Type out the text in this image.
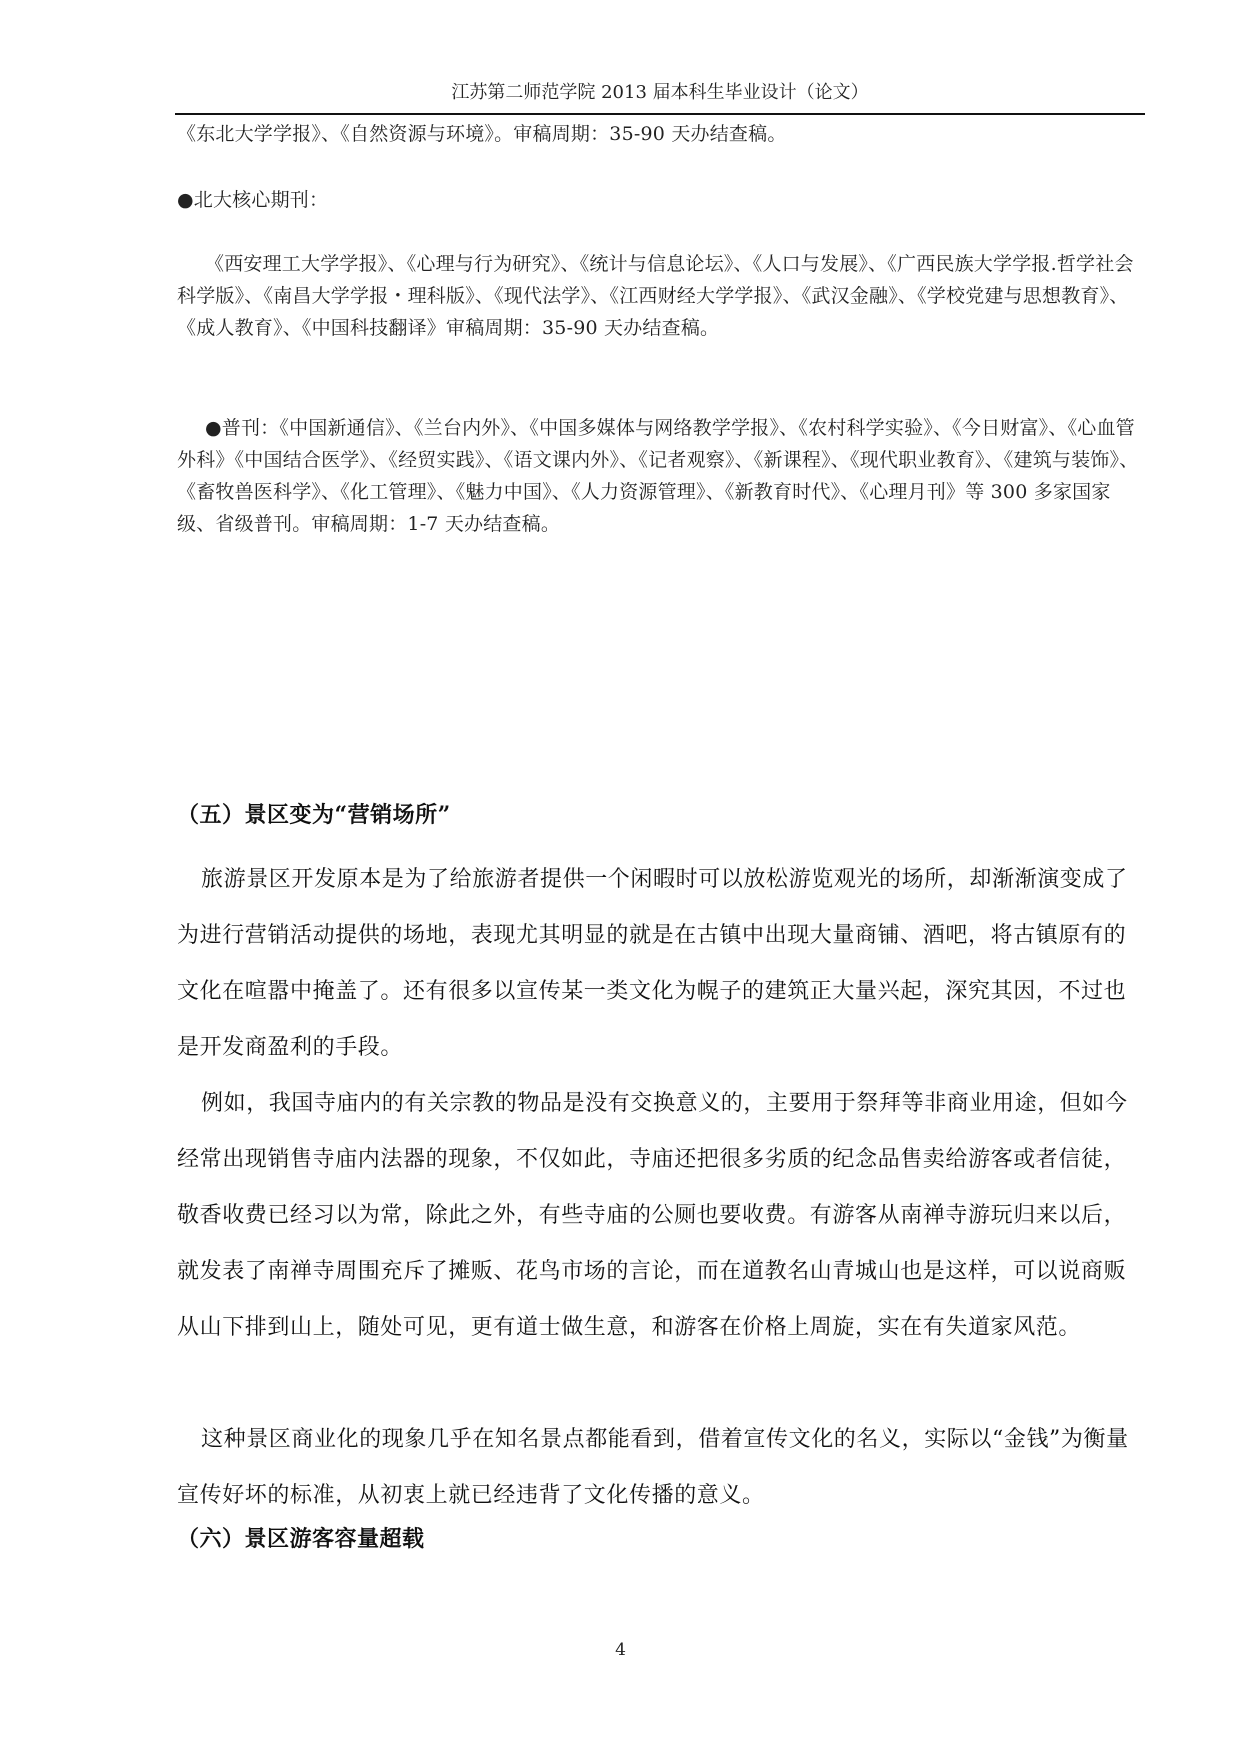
江苏第二师范学院 2013 届本科生毕业设计（论文）

《东北大学学报》、《自然资源与环境》。审稿周期：35-90 天办结查稿。

●北大核心期刊：

《西安理工大学学报》、《心理与行为研究》、《统计与信息论坛》、《人口与发展》、《广西民族大学学报.哲学社会科学版》、《南昌大学学报・理科版》、《现代法学》、《江西财经大学学报》、《武汉金融》、《学校党建与思想教育》、《成人教育》、《中国科技翻译》审稿周期：35-90 天办结查稿。

●普刊：《中国新通信》、《兰台内外》、《中国多媒体与网络教学学报》、《农村科学实验》、《今日财富》、《心血管外科》《中国结合医学》、《经贸实践》、《语文课内外》、《记者观察》、《新课程》、《现代职业教育》、《建筑与装饰》、《畜牧兽医科学》、《化工管理》、《魅力中国》、《人力资源管理》、《新教育时代》、《心理月刊》等 300 多家国家级、省级普刊。审稿周期：1-7 天办结查稿。

（五）景区变为“营销场所”

旅游景区开发原本是为了给旅游者提供一个闲暇时可以放松游览观光的场所，却渐渐演变成了为进行营销活动提供的场地，表现尤其明显的就是在古镇中出现大量商铺、酒吧，将古镇原有的文化在喧嚣中掩盖了。还有很多以宣传某一类文化为幌子的建筑正大量兴起，深究其因，不过也是开发商盈利的手段。

例如，我国寺庙内的有关宗教的物品是没有交换意义的，主要用于祭拜等非商业用途，但如今经常出现销售寺庙内法器的现象，不仅如此，寺庙还把很多劣质的纪念品售卖给游客或者信徒，敬香收费已经习以为常，除此之外，有些寺庙的公厕也要收费。有游客从南禅寺游玩归来以后，就发表了南禅寺周围充斥了摊贩、花鸟市场的言论，而在道教名山青城山也是这样，可以说商贩从山下排到山上，随处可见，更有道士做生意，和游客在价格上周旋，实在有失道家风范。

这种景区商业化的现象几乎在知名景点都能看到，借着宣传文化的名义，实际以“金钱”为衡量宣传好坏的标准，从初衷上就已经违背了文化传播的意义。

（六）景区游客容量超载
4
